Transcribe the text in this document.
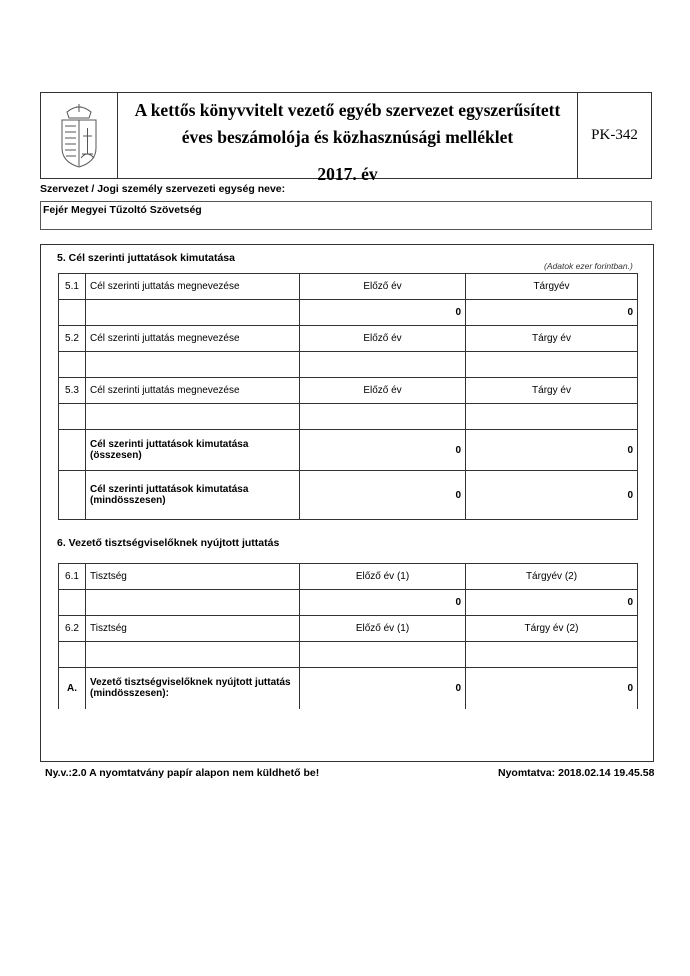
A kettős könyvvitelt vezető egyéb szervezet egyszerűsített
éves beszámolója és közhasznúsági melléklet
2017. év
PK-342
Szervezet / Jogi személy szervezeti egység neve:
Fejér Megyei Tűzoltó Szövetség
5. Cél szerinti juttatások kimutatása
(Adatok ezer forintban.)
5.1	Cél szerinti juttatás megnevezése	Előző év	Tárgyév
		0	0
5.2	Cél szerinti juttatás megnevezése	Előző év	Tárgy év

5.3	Cél szerinti juttatás megnevezése	Előző év	Tárgy év

	Cél szerinti juttatások kimutatása (összesen)	0	0
	Cél szerinti juttatások kimutatása (mindösszesen)	0	0
6. Vezető tisztségviselőknek nyújtott juttatás
6.1	Tisztség	Előző év (1)	Tárgyév (2)
		0	0
6.2	Tisztség	Előző év (1)	Tárgy év (2)

A.	Vezető tisztségviselőknek nyújtott juttatás (mindösszesen):	0	0
Ny.v.:2.0 A nyomtatvány papír alapon nem küldhető be!	Nyomtatva: 2018.02.14 19.45.58
